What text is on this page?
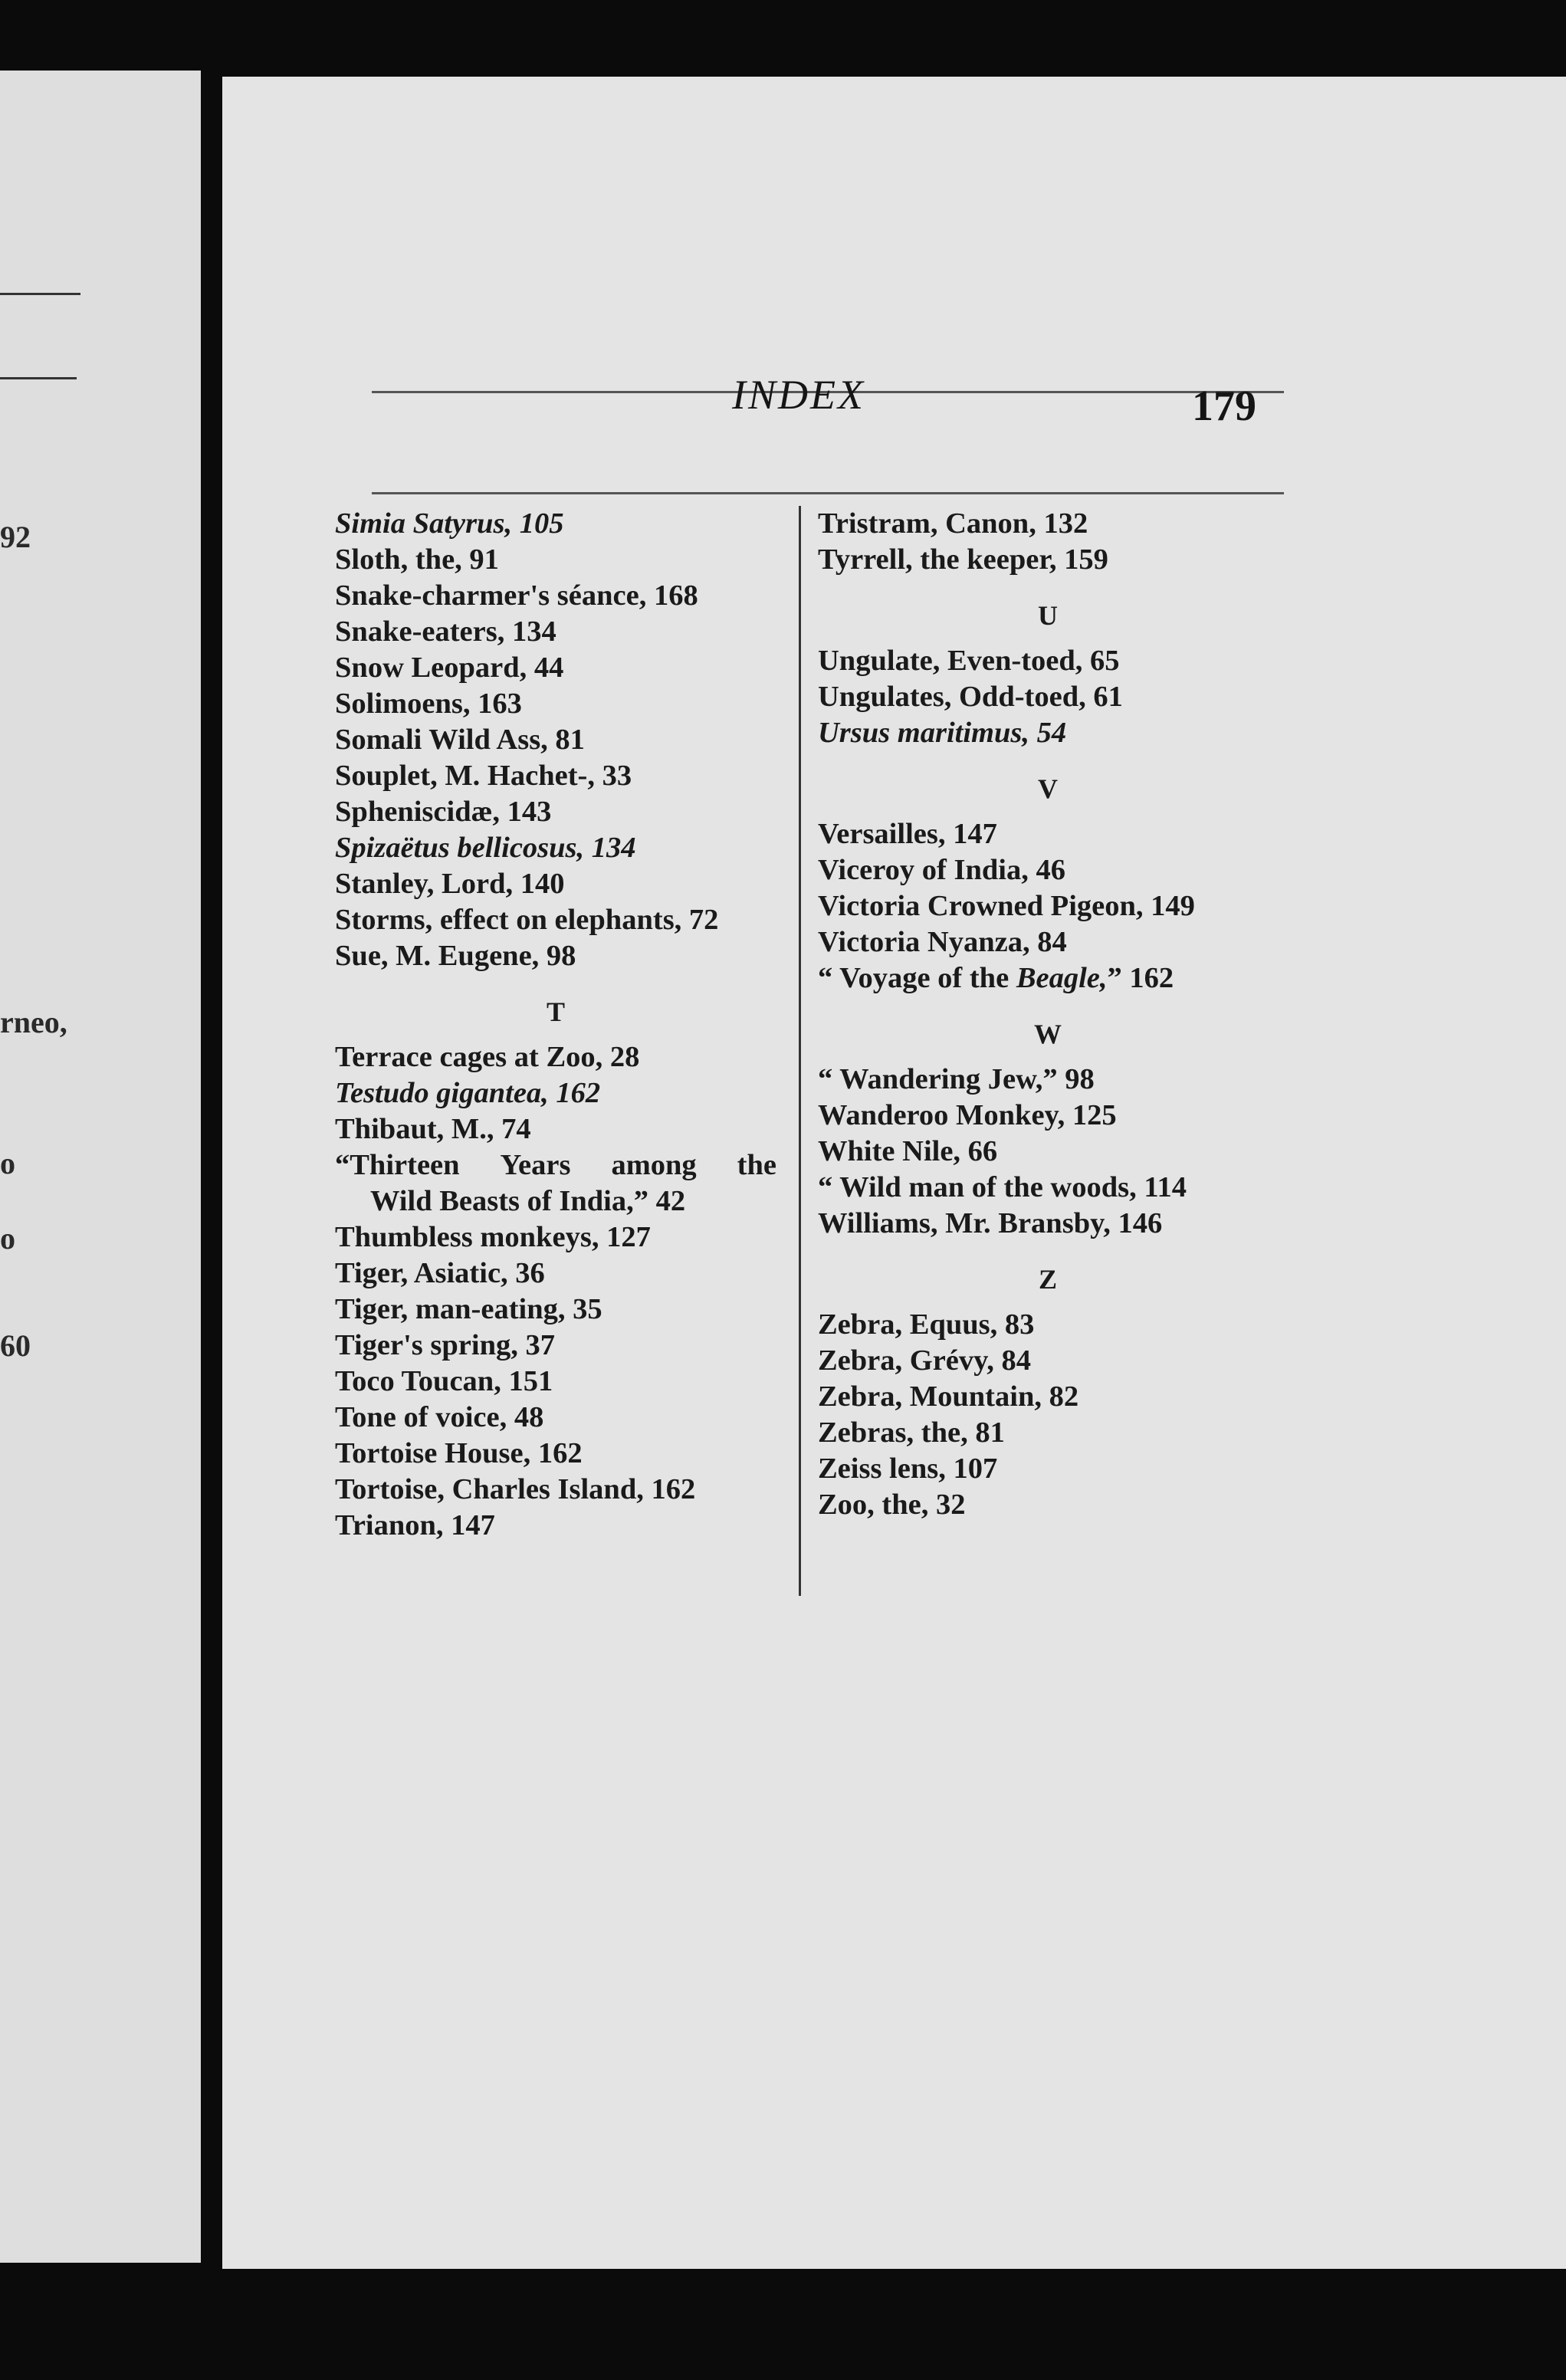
92
rneo,
o
o
60
INDEX	179
Simia Satyrus, 105
Sloth, the, 91
Snake-charmer's séance, 168
Snake-eaters, 134
Snow Leopard, 44
Solimoens, 163
Somali Wild Ass, 81
Souplet, M. Hachet-, 33
Spheniscidæ, 143
Spizaëtus bellicosus, 134
Stanley, Lord, 140
Storms, effect on elephants, 72
Sue, M. Eugene, 98
T
Terrace cages at Zoo, 28
Testudo gigantea, 162
Thibaut, M., 74
“Thirteen Years among the
Wild Beasts of India,” 42
Thumbless monkeys, 127
Tiger, Asiatic, 36
Tiger, man-eating, 35
Tiger's spring, 37
Toco Toucan, 151
Tone of voice, 48
Tortoise House, 162
Tortoise, Charles Island, 162
Trianon, 147
Tristram, Canon, 132
Tyrrell, the keeper, 159
U
Ungulate, Even-toed, 65
Ungulates, Odd-toed, 61
Ursus maritimus, 54
V
Versailles, 147
Viceroy of India, 46
Victoria Crowned Pigeon, 149
Victoria Nyanza, 84
“ Voyage of the Beagle,” 162
W
“ Wandering Jew,” 98
Wanderoo Monkey, 125
White Nile, 66
“ Wild man of the woods, 114
Williams, Mr. Bransby, 146
Z
Zebra, Equus, 83
Zebra, Grévy, 84
Zebra, Mountain, 82
Zebras, the, 81
Zeiss lens, 107
Zoo, the, 32
